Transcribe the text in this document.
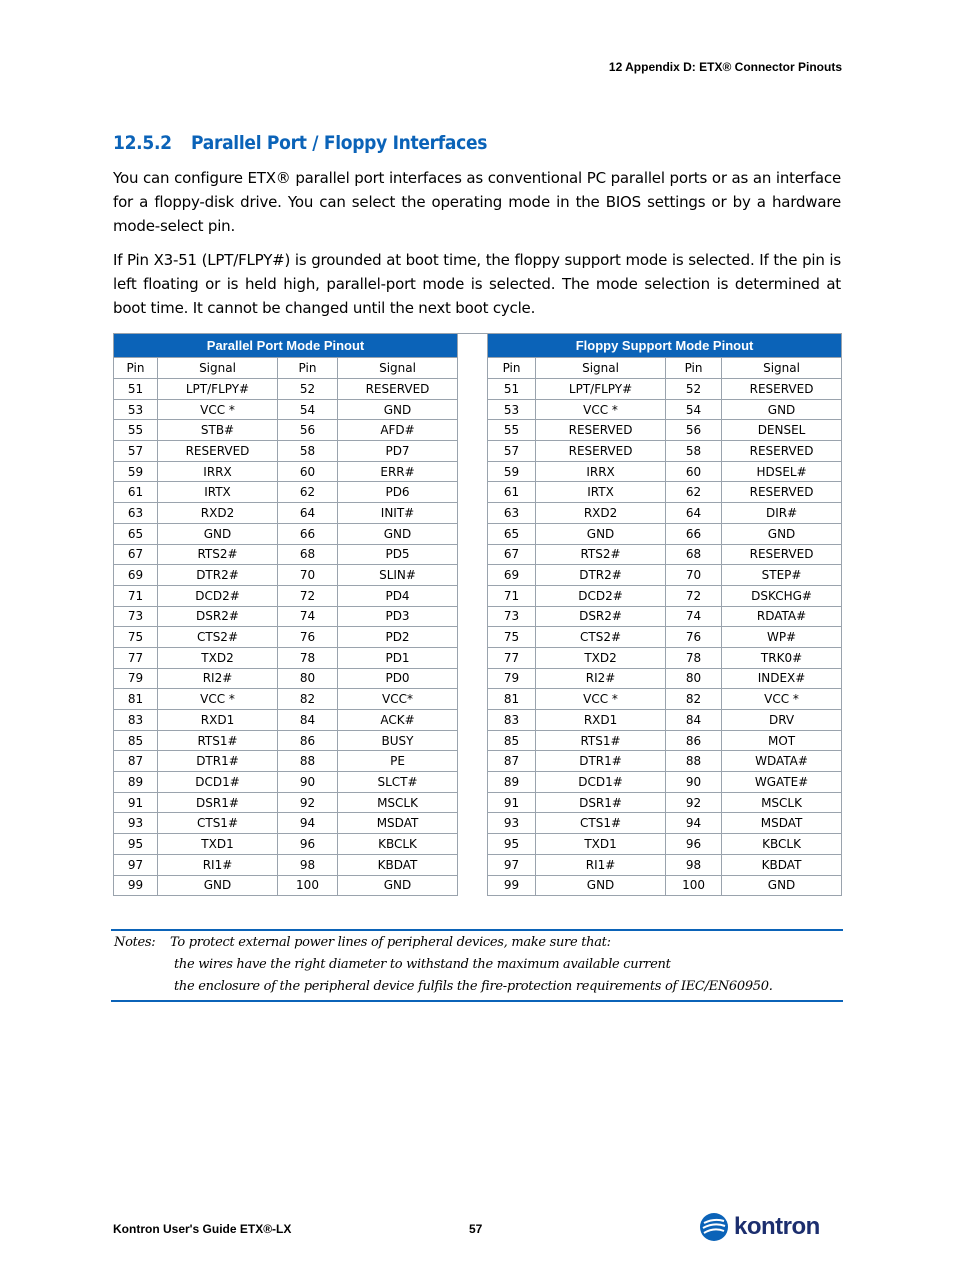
12 Appendix D: ETX® Connector Pinouts
12.5.2 Parallel Port / Floppy Interfaces

You can configure ETX® parallel port interfaces as conventional PC parallel ports or as an interface for a floppy-disk drive. You can select the operating mode in the BIOS settings or by a hardware mode-select pin.

If Pin X3-51 (LPT/FLPY#) is grounded at boot time, the floppy support mode is selected. If the pin is left floating or is held high, parallel-port mode is selected. The mode selection is determined at boot time. It cannot be changed until the next boot cycle.

Parallel Port Mode Pinout					Floppy Support Mode Pinout			
Pin	Signal	Pin	Signal		Pin	Signal	Pin	Signal
51	LPT/FLPY#	52	RESERVED		51	LPT/FLPY#	52	RESERVED
53	VCC *	54	GND		53	VCC *	54	GND
55	STB#	56	AFD#		55	RESERVED	56	DENSEL
57	RESERVED	58	PD7		57	RESERVED	58	RESERVED
59	IRRX	60	ERR#		59	IRRX	60	HDSEL#
61	IRTX	62	PD6		61	IRTX	62	RESERVED
63	RXD2	64	INIT#		63	RXD2	64	DIR#
65	GND	66	GND		65	GND	66	GND
67	RTS2#	68	PD5		67	RTS2#	68	RESERVED
69	DTR2#	70	SLIN#		69	DTR2#	70	STEP#
71	DCD2#	72	PD4		71	DCD2#	72	DSKCHG#
73	DSR2#	74	PD3		73	DSR2#	74	RDATA#
75	CTS2#	76	PD2		75	CTS2#	76	WP#
77	TXD2	78	PD1		77	TXD2	78	TRK0#
79	RI2#	80	PD0		79	RI2#	80	INDEX#
81	VCC *	82	VCC*		81	VCC *	82	VCC *
83	RXD1	84	ACK#		83	RXD1	84	DRV
85	RTS1#	86	BUSY		85	RTS1#	86	MOT
87	DTR1#	88	PE		87	DTR1#	88	WDATA#
89	DCD1#	90	SLCT#		89	DCD1#	90	WGATE#
91	DSR1#	92	MSCLK		91	DSR1#	92	MSCLK
93	CTS1#	94	MSDAT		93	CTS1#	94	MSDAT
95	TXD1	96	KBCLK		95	TXD1	96	KBCLK
97	RI1#	98	KBDAT		97	RI1#	98	KBDAT
99	GND	100	GND		99	GND	100	GND
Notes: To protect external power lines of peripheral devices, make sure that:
the wires have the right diameter to withstand the maximum available current
the enclosure of the peripheral device fulfils the fire-protection requirements of IEC/EN60950.
Kontron User's Guide ETX®-LX	57	kontron
